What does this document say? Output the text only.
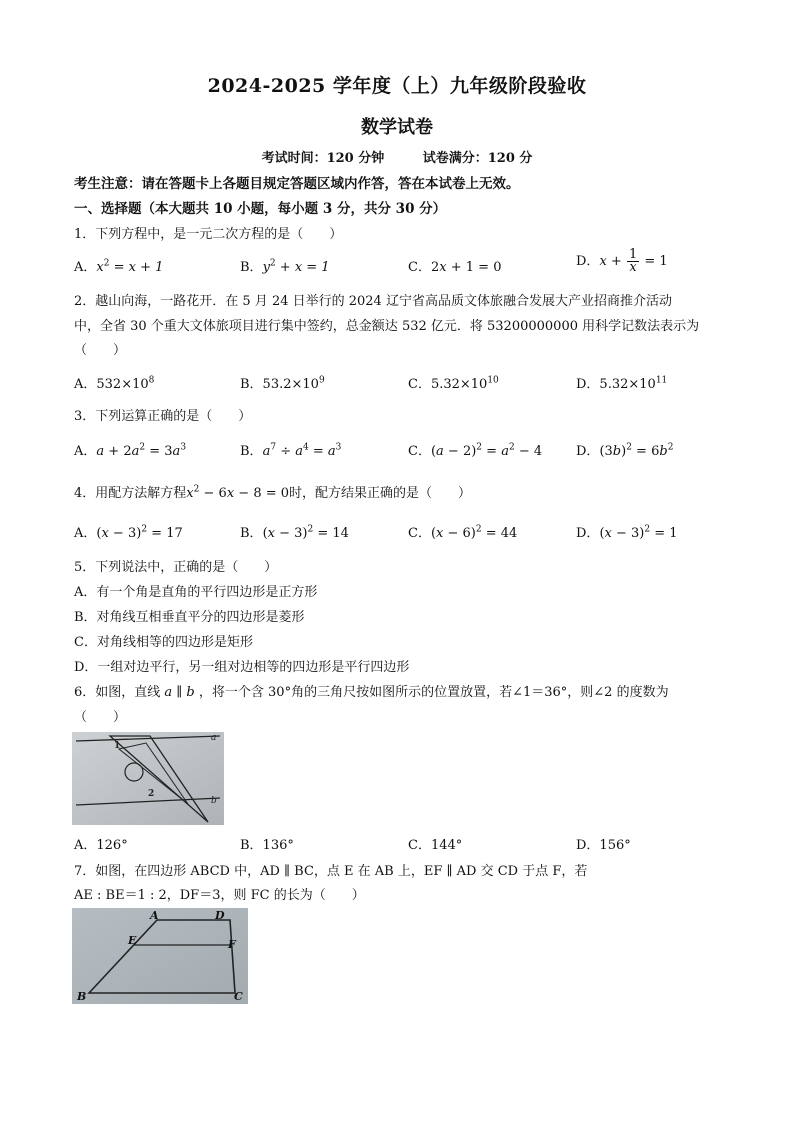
2024-2025 学年度（上）九年级阶段验收
数学试卷
考试时间：120 分钟	试卷满分：120 分
考生注意：请在答题卡上各题目规定答题区域内作答，答在本试卷上无效。
一、选择题（本大题共 10 小题，每小题 3 分，共分 30 分）
1．下列方程中，是一元二次方程的是（　　）
A．$x^2 = x + 1$	B．$y^2 + x = 1$	C．2x + 1 = 0	D．$x + \frac{1}{x} = 1$
2．越山向海，一路花开．在 5 月 24 日举行的 2024 辽宁省高品质文体旅融合发展大产业招商推介活动
中，全省 30 个重大文体旅项目进行集中签约，总金额达 532 亿元．将 53200000000 用科学记数法表示为
（　　）
A．$532\times 10^8$	B．$53.2\times 10^9$	C．$5.32\times 10^{10}$	D．$5.32\times 10^{11}$
3．下列运算正确的是（　　）
A．$a + 2a^2 = 3a^3$	B．$a^7 \div a^4 = a^3$	C．$(a - 2)^2 = a^2 - 4$	D．$(3b)^2 = 6b^2$
4．用配方法解方程$x^2 - 6x - 8 = 0$时，配方结果正确的是（　　）
A．$(x - 3)^2 = 17$	B．$(x - 3)^2 = 14$	C．$(x - 6)^2 = 44$	D．$(x - 3)^2 = 1$
5．下列说法中，正确的是（　　）
A．有一个角是直角的平行四边形是正方形
B．对角线互相垂直平分的四边形是菱形
C．对角线相等的四边形是矩形
D．一组对边平行，另一组对边相等的四边形是平行四边形
6．如图，直线 a ∥ b ，将一个含 30°角的三角尺按如图所示的位置放置，若∠1＝36°，则∠2 的度数为
（　　）
a
b
1
2
A．126°	B．136°	C．144°	D．156°
7．如图，在四边形 ABCD 中，AD ∥ BC，点 E 在 AB 上，EF ∥ AD 交 CD 于点 F，若
AE : BE＝1 : 2，DF＝3，则 FC 的长为（　　）
A	D
E	F
B	C
